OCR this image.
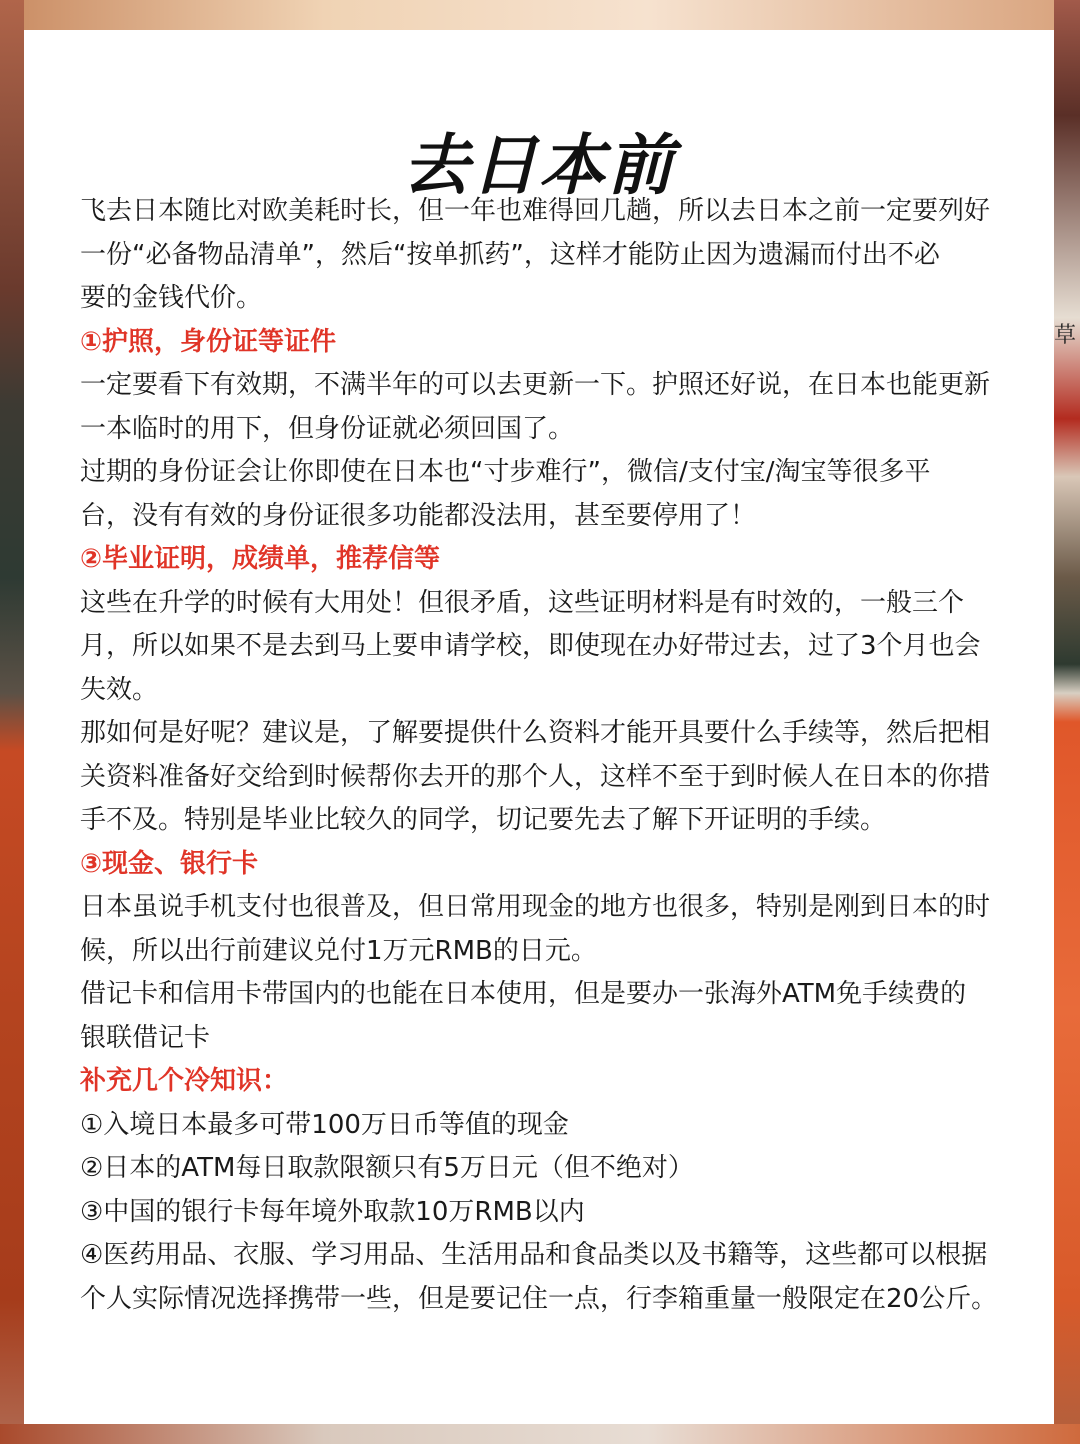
草
去日本前

飞去日本随比对欧美耗时长，但一年也难得回几趟，所以去日本之前一定要列好

一份“必备物品清单”，然后“按单抓药”，这样才能防止因为遗漏而付出不必

要的金钱代价。

①护照，身份证等证件

一定要看下有效期，不满半年的可以去更新一下。护照还好说，在日本也能更新

一本临时的用下，但身份证就必须回国了。

过期的身份证会让你即使在日本也“寸步难行”，微信/支付宝/淘宝等很多平

台，没有有效的身份证很多功能都没法用，甚至要停用了！

②毕业证明，成绩单，推荐信等

这些在升学的时候有大用处！但很矛盾，这些证明材料是有时效的，一般三个

月，所以如果不是去到马上要申请学校，即使现在办好带过去，过了3个月也会

失效。

那如何是好呢？建议是，了解要提供什么资料才能开具要什么手续等，然后把相

关资料准备好交给到时候帮你去开的那个人，这样不至于到时候人在日本的你措

手不及。特别是毕业比较久的同学，切记要先去了解下开证明的手续。

③现金、银行卡

日本虽说手机支付也很普及，但日常用现金的地方也很多，特别是刚到日本的时

候，所以出行前建议兑付1万元RMB的日元。

借记卡和信用卡带国内的也能在日本使用，但是要办一张海外ATM免手续费的

银联借记卡

补充几个冷知识：

①入境日本最多可带100万日币等值的现金

②日本的ATM每日取款限额只有5万日元（但不绝对）

③中国的银行卡每年境外取款10万RMB以内

④医药用品、衣服、学习用品、生活用品和食品类以及书籍等，这些都可以根据

个人实际情况选择携带一些，但是要记住一点，行李箱重量一般限定在20公斤。
